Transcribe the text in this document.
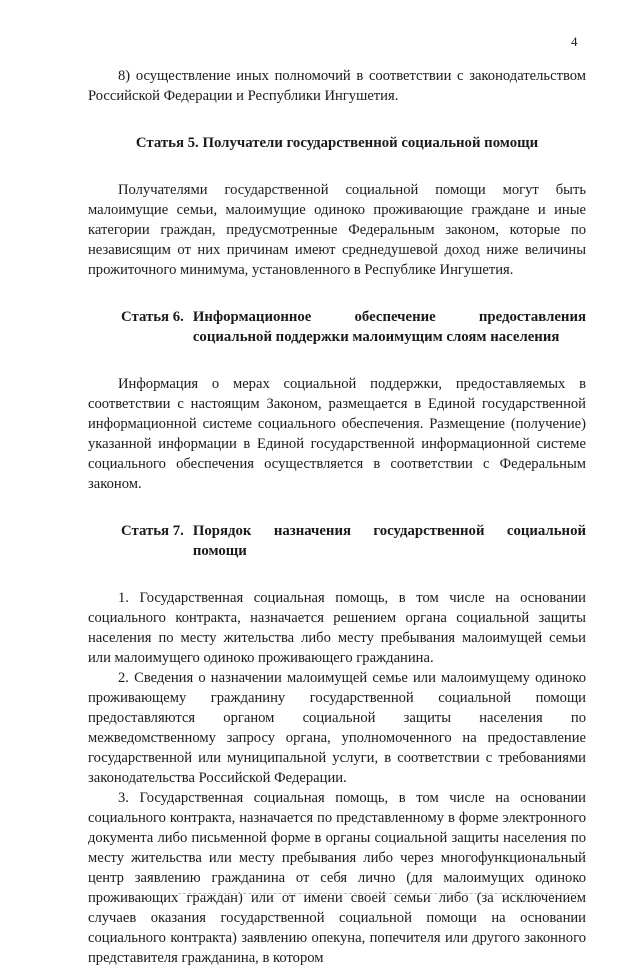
4

8) осуществление иных полномочий в соответствии с законодательством Российской Федерации и Республики Ингушетия.

Статья 5. Получатели государственной социальной помощи

Получателями государственной социальной помощи могут быть малоимущие семьи, малоимущие одиноко проживающие граждане и иные категории граждан, предусмотренные Федеральным законом, которые по независящим от них причинам имеют среднедушевой доход ниже величины прожиточного минимума, установленного в Республике Ингушетия.

Статья 6. Информационное обеспечение предоставления социальной поддержки малоимущим слоям населения

Информация о мерах социальной поддержки, предоставляемых в соответствии с настоящим Законом, размещается в Единой государственной информационной системе социального обеспечения. Размещение (получение) указанной информации в Единой государственной информационной системе социального обеспечения осуществляется в соответствии с Федеральным законом.

Статья 7. Порядок назначения государственной социальной помощи

1. Государственная социальная помощь, в том числе на основании социального контракта, назначается решением органа социальной защиты населения по месту жительства либо месту пребывания малоимущей семьи или малоимущего одиноко проживающего гражданина.

2. Сведения о назначении малоимущей семье или малоимущему одиноко проживающему гражданину государственной социальной помощи предоставляются органом социальной защиты населения по межведомственному запросу органа, уполномоченного на предоставление государственной или муниципальной услуги, в соответствии с требованиями законодательства Российской Федерации.

3. Государственная социальная помощь, в том числе на основании социального контракта, назначается по представленному в форме электронного документа либо письменной форме в органы социальной защиты населения по месту жительства или месту пребывания либо через многофункциональный центр заявлению гражданина от себя лично (для малоимущих одиноко проживающих граждан) или от имени своей семьи либо (за исключением случаев оказания государственной социальной помощи на основании социального контракта) заявлению опекуна, попечителя или другого законного представителя гражданина, в котором
